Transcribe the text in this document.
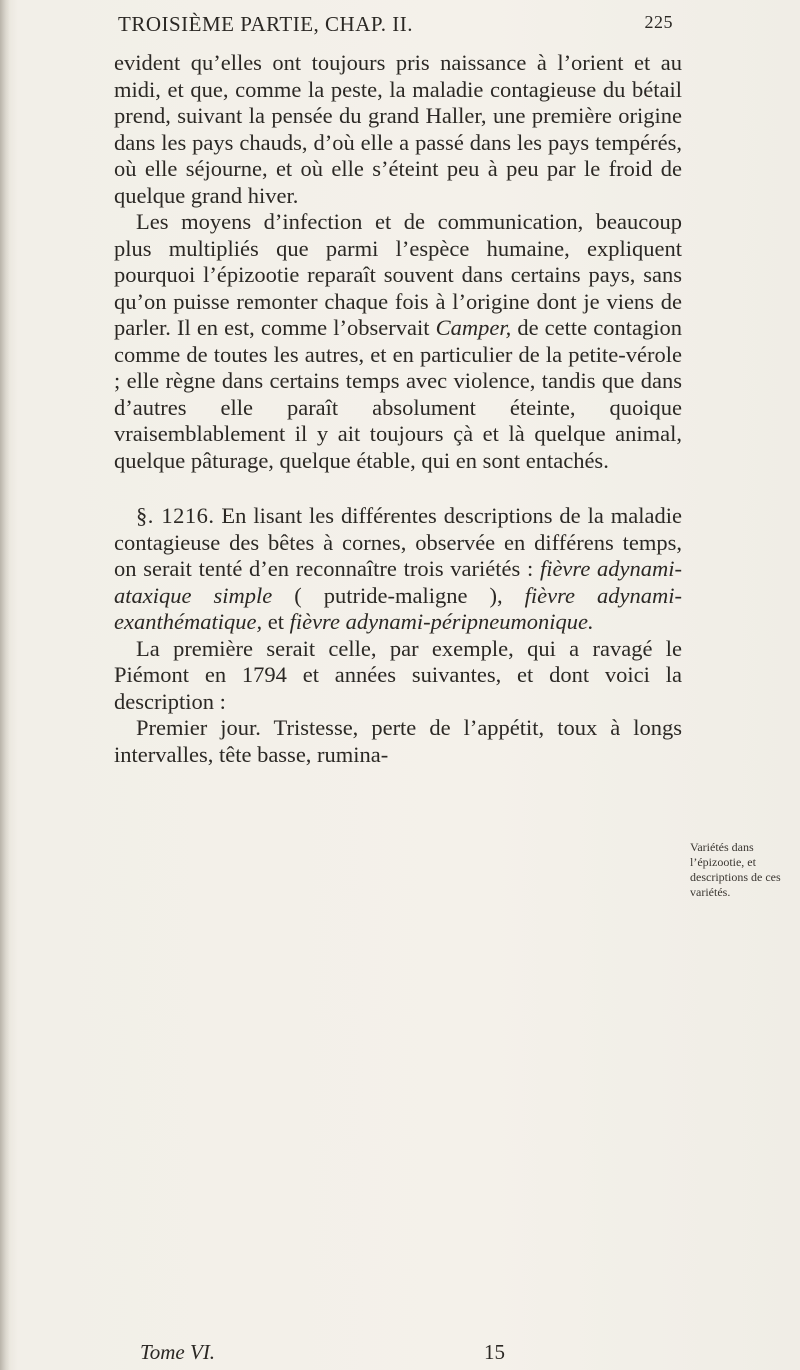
TROISIÈME PARTIE, CHAP. II.	225

evident qu’elles ont toujours pris naissance à l’orient et au midi, et que, comme la peste, la maladie contagieuse du bétail prend, suivant la pensée du grand Haller, une première origine dans les pays chauds, d’où elle a passé dans les pays tempérés, où elle séjourne, et où elle s’éteint peu à peu par le froid de quelque grand hiver.

Les moyens d’infection et de communication, beaucoup plus multipliés que parmi l’espèce humaine, expliquent pourquoi l’épizootie reparaît souvent dans certains pays, sans qu’on puisse remonter chaque fois à l’origine dont je viens de parler. Il en est, comme l’observait Camper, de cette contagion comme de toutes les autres, et en particulier de la petite-vérole ; elle règne dans certains temps avec violence, tandis que dans d’autres elle paraît absolument éteinte, quoique vraisemblablement il y ait toujours çà et là quelque animal, quelque pâturage, quelque étable, qui en sont entachés.

§. 1216. En lisant les différentes descriptions de la maladie contagieuse des bêtes à cornes, observée en différens temps, on serait tenté d’en reconnaître trois variétés : fièvre adynami-ataxique simple ( putride-maligne ), fièvre adynami-exanthématique, et fièvre adynami-péripneumonique.

La première serait celle, par exemple, qui a ravagé le Piémont en 1794 et années suivantes, et dont voici la description :

Premier jour. Tristesse, perte de l’appétit, toux à longs intervalles, tête basse, rumina-

Variétés dans l’épizootie, et descriptions de ces variétés.
Tome VI.	15
